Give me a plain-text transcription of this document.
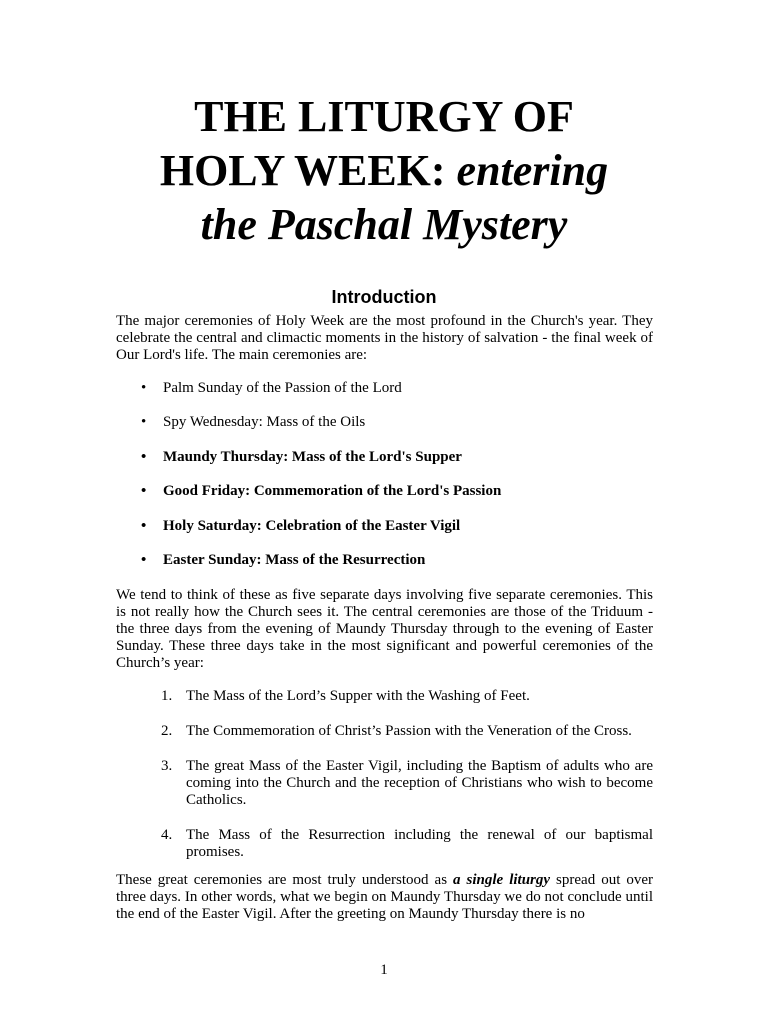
THE LITURGY OF
HOLY WEEK: entering
the Paschal Mystery
Introduction
The major ceremonies of Holy Week are the most profound in the Church's year. They celebrate the central and climactic moments in the history of salvation - the final week of Our Lord's life. The main ceremonies are:
• Palm Sunday of the Passion of the Lord
• Spy Wednesday: Mass of the Oils
• Maundy Thursday: Mass of the Lord's Supper
• Good Friday: Commemoration of the Lord's Passion
• Holy Saturday: Celebration of the Easter Vigil
• Easter Sunday: Mass of the Resurrection
We tend to think of these as five separate days involving five separate ceremonies. This is not really how the Church sees it. The central ceremonies are those of the Triduum - the three days from the evening of Maundy Thursday through to the evening of Easter Sunday. These three days take in the most significant and powerful ceremonies of the Church’s year:
1. The Mass of the Lord’s Supper with the Washing of Feet.
2. The Commemoration of Christ’s Passion with the Veneration of the Cross.
3. The great Mass of the Easter Vigil, including the Baptism of adults who are coming into the Church and the reception of Christians who wish to become Catholics.
4. The Mass of the Resurrection including the renewal of our baptismal promises.
These great ceremonies are most truly understood as a single liturgy spread out over three days. In other words, what we begin on Maundy Thursday we do not conclude until the end of the Easter Vigil. After the greeting on Maundy Thursday there is no
1
